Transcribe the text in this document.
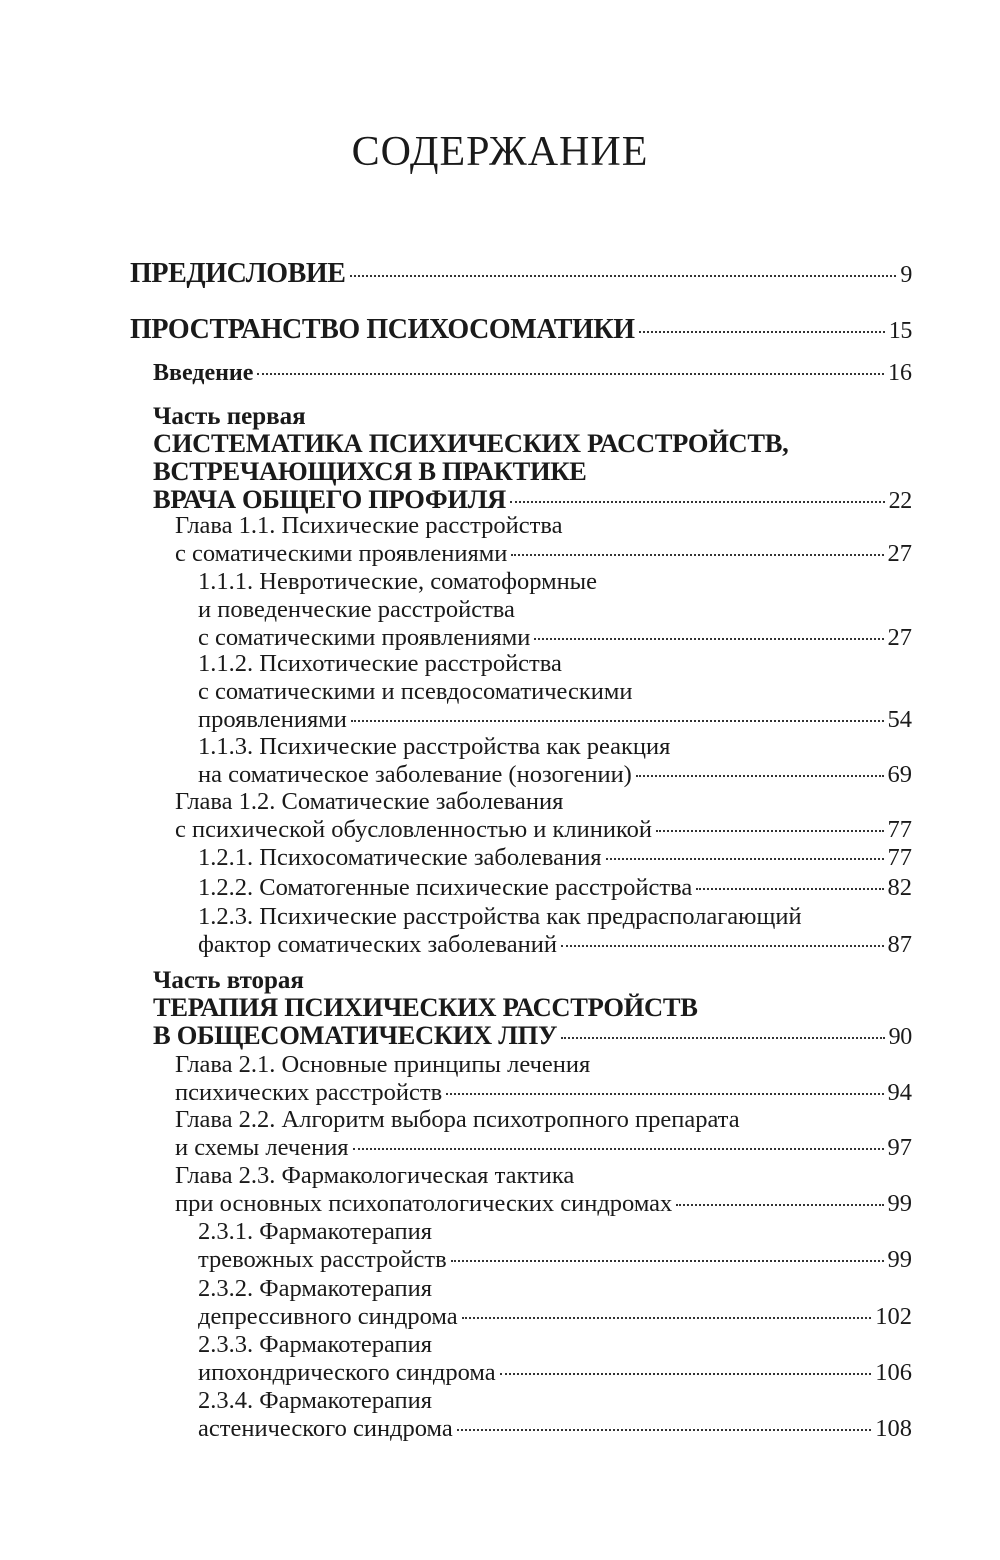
СОДЕРЖАНИЕ
ПРЕДИСЛОВИЕ	9
ПРОСТРАНСТВО ПСИХОСОМАТИКИ	15
Введение	16
Часть первая
СИСТЕМАТИКА ПСИХИЧЕСКИХ РАССТРОЙСТВ,
ВСТРЕЧАЮЩИХСЯ В ПРАКТИКЕ
ВРАЧА ОБЩЕГО ПРОФИЛЯ	22
Глава 1.1. Психические расстройства
с соматическими проявлениями	27
1.1.1. Невротические, соматоформные
и поведенческие расстройства
с соматическими проявлениями	27
1.1.2. Психотические расстройства
с соматическими и псевдосоматическими
проявлениями	54
1.1.3. Психические расстройства как реакция
на соматическое заболевание (нозогении)	69
Глава 1.2. Соматические заболевания
с психической обусловленностью и клиникой	77
1.2.1. Психосоматические заболевания	77
1.2.2. Соматогенные психические расстройства	82
1.2.3. Психические расстройства как предрасполагающий
фактор соматических заболеваний	87
Часть вторая
ТЕРАПИЯ ПСИХИЧЕСКИХ РАССТРОЙСТВ
В ОБЩЕСОМАТИЧЕСКИХ ЛПУ	90
Глава 2.1. Основные принципы лечения
психических расстройств	94
Глава 2.2. Алгоритм выбора психотропного препарата
и схемы лечения	97
Глава 2.3. Фармакологическая тактика
при основных психопатологических синдромах	99
2.3.1. Фармакотерапия
тревожных расстройств	99
2.3.2. Фармакотерапия
депрессивного синдрома	102
2.3.3. Фармакотерапия
ипохондрического синдрома	106
2.3.4. Фармакотерапия
астенического синдрома	108
